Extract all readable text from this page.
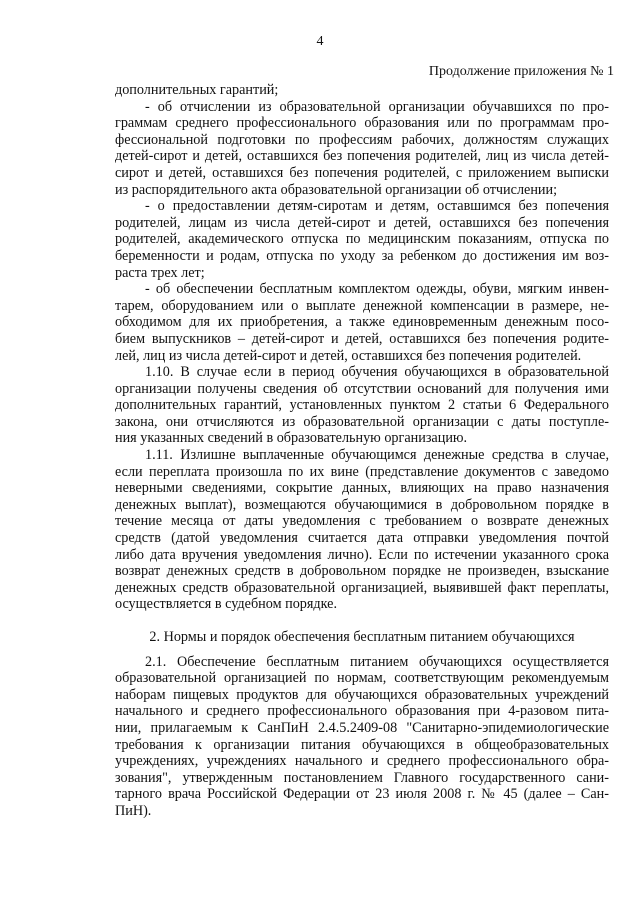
4
Продолжение приложения № 1
дополнительных гарантий;
- об отчислении из образовательной организации обучавшихся по про-
граммам среднего профессионального образования или по программам про-
фессиональной подготовки по профессиям рабочих, должностям служащих
детей-сирот и детей, оставшихся без попечения родителей, лиц из числа детей-
сирот и детей, оставшихся без попечения родителей, с приложением выписки
из распорядительного акта образовательной организации об отчислении;
- о предоставлении детям-сиротам и детям, оставшимся без попечения
родителей, лицам из числа детей-сирот и детей, оставшихся без попечения
родителей, академического отпуска по медицинским показаниям, отпуска по
беременности и родам, отпуска по уходу за ребенком до достижения им воз-
раста трех лет;
- об обеспечении бесплатным комплектом одежды, обуви, мягким инвен-
тарем, оборудованием или о выплате денежной компенсации в размере, не-
обходимом для их приобретения, а также единовременным денежным посо-
бием выпускников – детей-сирот и детей, оставшихся без попечения родите-
лей, лиц из числа детей-сирот и детей, оставшихся без попечения родителей.
1.10. В случае если в период обучения обучающихся в образовательной
организации получены сведения об отсутствии оснований для получения ими
дополнительных гарантий, установленных пунктом 2 статьи 6 Федерального
закона, они отчисляются из образовательной организации с даты поступле-
ния указанных сведений в образовательную организацию.
1.11. Излишне выплаченные обучающимся денежные средства в случае,
если переплата произошла по их вине (представление документов с заведомо
неверными сведениями, сокрытие данных, влияющих на право назначения
денежных выплат), возмещаются обучающимися в добровольном порядке в
течение месяца от даты уведомления с требованием о возврате денежных
средств (датой уведомления считается дата отправки уведомления почтой
либо дата вручения уведомления лично). Если по истечении указанного срока
возврат денежных средств в добровольном порядке не произведен, взыскание
денежных средств образовательной организацией, выявившей факт переплаты,
осуществляется в судебном порядке.
2. Нормы и порядок обеспечения бесплатным питанием обучающихся
2.1. Обеспечение бесплатным питанием обучающихся осуществляется
образовательной организацией по нормам, соответствующим рекомендуемым
наборам пищевых продуктов для обучающихся образовательных учреждений
начального и среднего профессионального образования при 4-разовом пита-
нии, прилагаемым к СанПиН 2.4.5.2409-08 "Санитарно-эпидемиологические
требования к организации питания обучающихся в общеобразовательных
учреждениях, учреждениях начального и среднего профессионального обра-
зования", утвержденным постановлением Главного государственного сани-
тарного врача Российской Федерации от 23 июля 2008 г. № 45 (далее – Сан-
ПиН).
